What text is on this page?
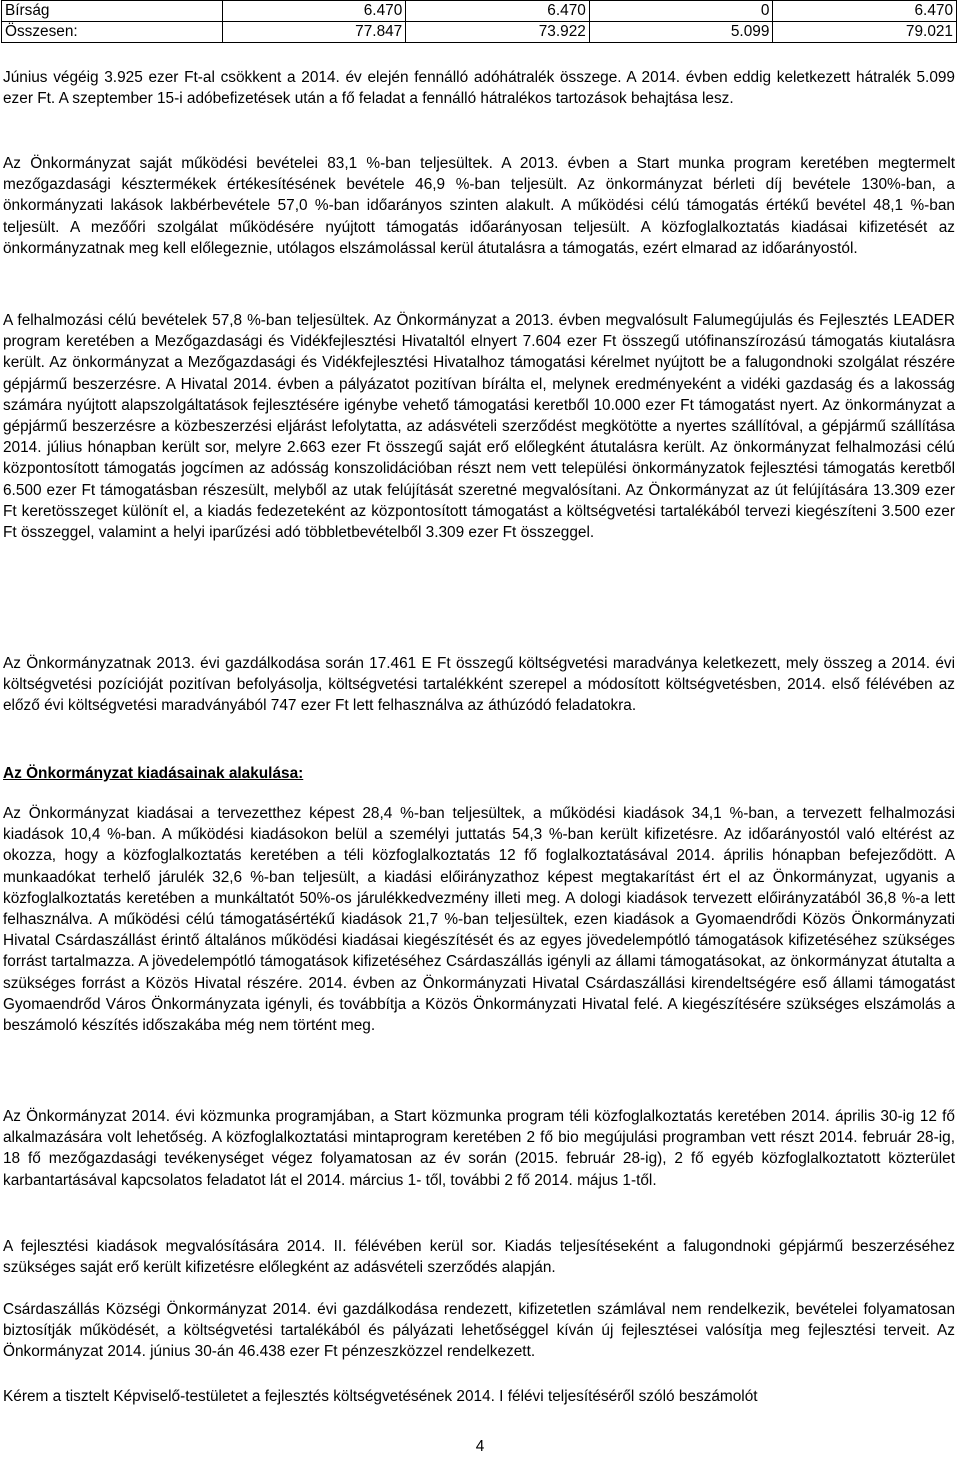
Bírság	6.470	6.470	0	6.470
Összesen:	77.847	73.922	5.099	79.021

Június végéig 3.925 ezer Ft-al csökkent a 2014. év elején fennálló adóhátralék összege. A 2014. évben eddig keletkezett hátralék 5.099 ezer Ft. A szeptember 15-i adóbefizetések után a fő feladat a fennálló hátralékos tartozások behajtása lesz.

Az Önkormányzat saját működési bevételei 83,1 %-ban teljesültek. A 2013. évben a Start munka program keretében megtermelt mezőgazdasági késztermékek értékesítésének bevétele 46,9 %-ban teljesült. Az önkormányzat bérleti díj bevétele 130%-ban, a önkormányzati lakások lakbérbevétele 57,0 %-ban időarányos szinten alakult. A működési célú támogatás értékű bevétel 48,1 %-ban teljesült. A mezőőri szolgálat működésére nyújtott támogatás időarányosan teljesült. A közfoglalkoztatás kiadásai kifizetését az önkormányzatnak meg kell előlegeznie, utólagos elszámolással kerül átutalásra a támogatás, ezért elmarad az időarányostól.

A felhalmozási célú bevételek 57,8 %-ban teljesültek. Az Önkormányzat a 2013. évben megvalósult Falumegújulás és Fejlesztés LEADER program keretében a Mezőgazdasági és Vidékfejlesztési Hivataltól elnyert 7.604 ezer Ft összegű utófinanszírozású támogatás kiutalásra került. Az önkormányzat a Mezőgazdasági és Vidékfejlesztési Hivatalhoz támogatási kérelmet nyújtott be a falugondnoki szolgálat részére gépjármű beszerzésre. A Hivatal 2014. évben a pályázatot pozitívan bírálta el, melynek eredményeként a vidéki gazdaság és a lakosság számára nyújtott alapszolgáltatások fejlesztésére igénybe vehető támogatási keretből 10.000 ezer Ft támogatást nyert. Az önkormányzat a gépjármű beszerzésre a közbeszerzési eljárást lefolytatta, az adásvételi szerződést megkötötte a nyertes szállítóval, a gépjármű szállítása 2014. július hónapban került sor, melyre 2.663 ezer Ft összegű saját erő előlegként átutalásra került. Az önkormányzat felhalmozási célú központosított támogatás jogcímen az adósság konszolidációban részt nem vett települési önkormányzatok fejlesztési támogatás keretből 6.500 ezer Ft támogatásban részesült, melyből az utak felújítását szeretné megvalósítani. Az Önkormányzat az út felújítására 13.309 ezer Ft keretösszeget különít el, a kiadás fedezeteként az központosított támogatást a költségvetési tartalékából tervezi kiegészíteni 3.500 ezer Ft összeggel, valamint a helyi iparűzési adó többletbevételből 3.309 ezer Ft összeggel.

Az Önkormányzatnak 2013. évi gazdálkodása során 17.461 E Ft összegű költségvetési maradványa keletkezett, mely összeg a 2014. évi költségvetési pozícióját pozitívan befolyásolja, költségvetési tartalékként szerepel a módosított költségvetésben, 2014. első félévében az előző évi költségvetési maradványából 747 ezer Ft lett felhasználva az áthúzódó feladatokra.

Az Önkormányzat kiadásainak alakulása:

Az Önkormányzat kiadásai a tervezetthez képest 28,4 %-ban teljesültek, a működési kiadások 34,1 %-ban, a tervezett felhalmozási kiadások 10,4 %-ban. A működési kiadásokon belül a személyi juttatás 54,3 %-ban került kifizetésre. Az időarányostól való eltérést az okozza, hogy a közfoglalkoztatás keretében a téli közfoglalkoztatás 12 fő foglalkoztatásával 2014. április hónapban befejeződött. A munkaadókat terhelő járulék 32,6 %-ban teljesült, a kiadási előirányzathoz képest megtakarítást ért el az Önkormányzat, ugyanis a közfoglalkoztatás keretében a munkáltatót 50%-os járulékkedvezmény illeti meg. A dologi kiadások tervezett előirányzatából 36,8 %-a lett felhasználva. A működési célú támogatásértékű kiadások 21,7 %-ban teljesültek, ezen kiadások a Gyomaendrődi Közös Önkormányzati Hivatal Csárdaszállást érintő általános működési kiadásai kiegészítését és az egyes jövedelempótló támogatások kifizetéséhez szükséges forrást tartalmazza. A jövedelempótló támogatások kifizetéséhez Csárdaszállás igényli az állami támogatásokat, az önkormányzat átutalta a szükséges forrást a Közös Hivatal részére. 2014. évben az Önkormányzati Hivatal Csárdaszállási kirendeltségére eső állami támogatást Gyomaendrőd Város Önkormányzata igényli, és továbbítja a Közös Önkormányzati Hivatal felé. A kiegészítésére szükséges elszámolás a beszámoló készítés időszakába még nem történt meg.

Az Önkormányzat 2014. évi közmunka programjában, a Start közmunka program téli közfoglalkoztatás keretében 2014. április 30-ig 12 fő alkalmazására volt lehetőség. A közfoglalkoztatási mintaprogram keretében 2 fő bio megújulási programban vett részt 2014. február 28-ig, 18 fő mezőgazdasági tevékenységet végez folyamatosan az év során (2015. február 28-ig), 2 fő egyéb közfoglalkoztatott közterület karbantartásával kapcsolatos feladatot lát el 2014. március 1- től, további 2 fő 2014. május 1-től.

A fejlesztési kiadások megvalósítására 2014. II. félévében kerül sor. Kiadás teljesítéseként a falugondnoki gépjármű beszerzéséhez szükséges saját erő került kifizetésre előlegként az adásvételi szerződés alapján.

Csárdaszállás Községi Önkormányzat 2014. évi gazdálkodása rendezett, kifizetetlen számlával nem rendelkezik, bevételei folyamatosan biztosítják működését, a költségvetési tartalékából és pályázati lehetőséggel kíván új fejlesztései valósítja meg fejlesztési terveit. Az Önkormányzat 2014. június 30-án 46.438 ezer Ft pénzeszközzel rendelkezett.

Kérem a tisztelt Képviselő-testületet a fejlesztés költségvetésének 2014. I félévi teljesítéséről szóló beszámolót

4
